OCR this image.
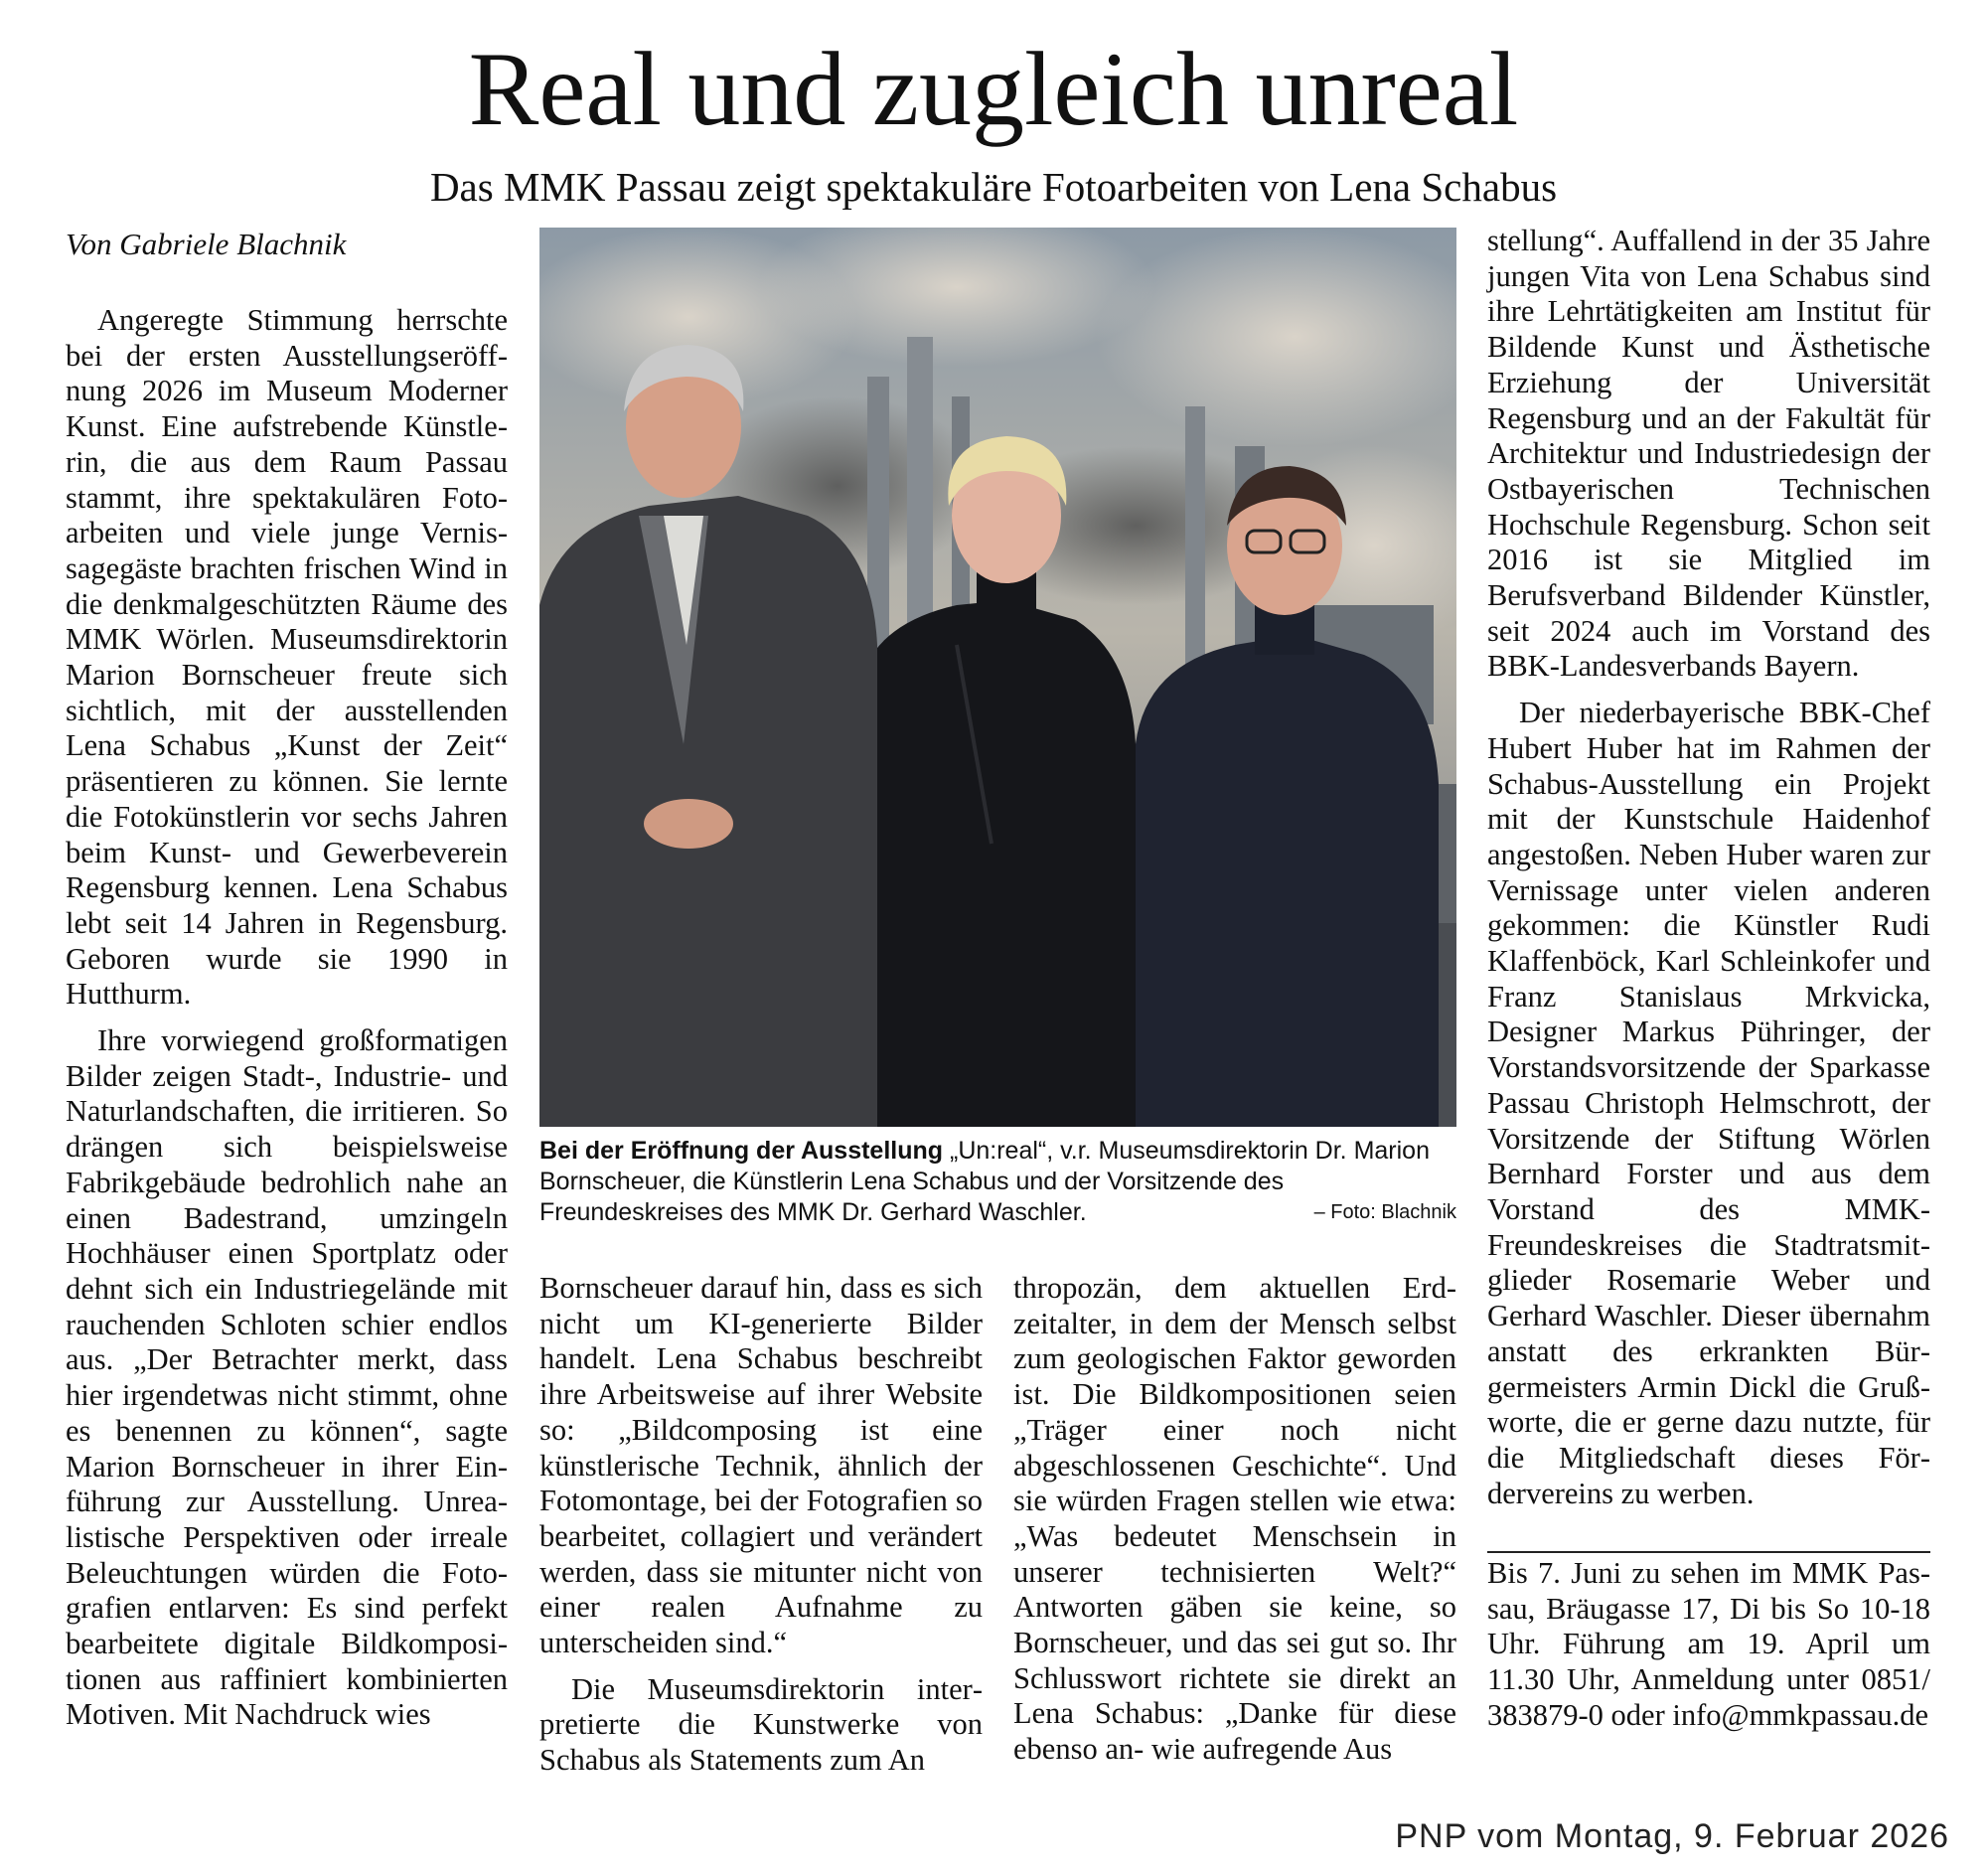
Real und zugleich unreal
Das MMK Passau zeigt spektakuläre Fotoarbeiten von Lena Schabus
Von Gabriele Blachnik

Angeregte Stimmung herrschte bei der ersten Ausstellungseröffnung 2026 im Museum Moderner Kunst. Eine aufstrebende Künstlerin, die aus dem Raum Passau stammt, ihre spektakulären Fotoarbeiten und viele junge Vernissagegäste brachten frischen Wind in die denkmalgeschützten Räume des MMK Wörlen. Museumsdirektorin Marion Bornscheuer freute sich sichtlich, mit der ausstellenden Lena Schabus „Kunst der Zeit“ präsentieren zu können. Sie lernte die Fotokünstlerin vor sechs Jahren beim Kunst- und Gewerbeverein Regensburg kennen. Lena Schabus lebt seit 14 Jahren in Regensburg. Geboren wurde sie 1990 in Hutthurm.

Ihre vorwiegend großformatigen Bilder zeigen Stadt-, Industrie- und Naturlandschaften, die irritieren. So drängen sich beispielsweise Fabrikgebäude bedrohlich nahe an einen Badestrand, umzingeln Hochhäuser einen Sportplatz oder dehnt sich ein Industriegelände mit rauchenden Schloten schier endlos aus. „Der Betrachter merkt, dass hier irgendetwas nicht stimmt, ohne es benennen zu können“, sagte Marion Bornscheuer in ihrer Einführung zur Ausstellung. Unrealistische Perspektiven oder irreale Beleuchtungen würden die Fotografien entlarven: Es sind perfekt bearbeitete digitale Bildkompositionen aus raffiniert kombinierten Motiven. Mit Nachdruck wies

Bei der Eröffnung der Ausstellung „Un:real“, v.r. Museumsdirektorin Dr. Marion Bornscheuer, die Künstlerin Lena Schabus und der Vorsitzende des Freundeskreises des MMK Dr. Gerhard Waschler.	– Foto: Blachnik

Bornscheuer darauf hin, dass es sich nicht um KI-generierte Bilder handelt. Lena Schabus beschreibt ihre Arbeitsweise auf ihrer Website so: „Bildcomposing ist eine künstlerische Technik, ähnlich der Fotomontage, bei der Fotografien so bearbeitet, collagiert und verändert werden, dass sie mitunter nicht von einer realen Aufnahme zu unterscheiden sind.“

Die Museumsdirektorin interpretierte die Kunstwerke von Schabus als Statements zum An

thropozän, dem aktuellen Erdzeitalter, in dem der Mensch selbst zum geologischen Faktor geworden ist. Die Bildkompositionen seien „Träger einer noch nicht abgeschlossenen Geschichte“. Und sie würden Fragen stellen wie etwa: „Was bedeutet Menschsein in unserer technisierten Welt?“ Antworten gäben sie keine, so Bornscheuer, und das sei gut so. Ihr Schlusswort richtete sie direkt an Lena Schabus: „Danke für diese ebenso an- wie aufregende Aus

stellung“. Auffallend in der 35 Jahre jungen Vita von Lena Schabus sind ihre Lehrtätigkeiten am Institut für Bildende Kunst und Ästhetische Erziehung der Universität Regensburg und an der Fakultät für Architektur und Industriedesign der Ostbayerischen Technischen Hochschule Regensburg. Schon seit 2016 ist sie Mitglied im Berufsverband Bildender Künstler, seit 2024 auch im Vorstand des BBK-Landesverbands Bayern.

Der niederbayerische BBK-Chef Hubert Huber hat im Rahmen der Schabus-Ausstellung ein Projekt mit der Kunstschule Haidenhof angestoßen. Neben Huber waren zur Vernissage unter vielen anderen gekommen: die Künstler Rudi Klaffenböck, Karl Schleinkofer und Franz Stanislaus Mrkvicka, Designer Markus Pühringer, der Vorstandsvorsitzende der Sparkasse Passau Christoph Helmschrott, der Vorsitzende der Stiftung Wörlen Bernhard Forster und aus dem Vorstand des MMK-Freundeskreises die Stadtratsmitglieder Rosemarie Weber und Gerhard Waschler. Dieser übernahm anstatt des erkrankten Bürgermeisters Armin Dickl die Grußworte, die er gerne dazu nutzte, für die Mitgliedschaft dieses Fördervereins zu werben.

Bis 7. Juni zu sehen im MMK Passau, Bräugasse 17, Di bis So 10-18 Uhr. Führung am 19. April um 11.30 Uhr, Anmeldung unter 0851/ 383879-0 oder info@mmkpassau.de

PNP vom Montag, 9. Februar 2026
